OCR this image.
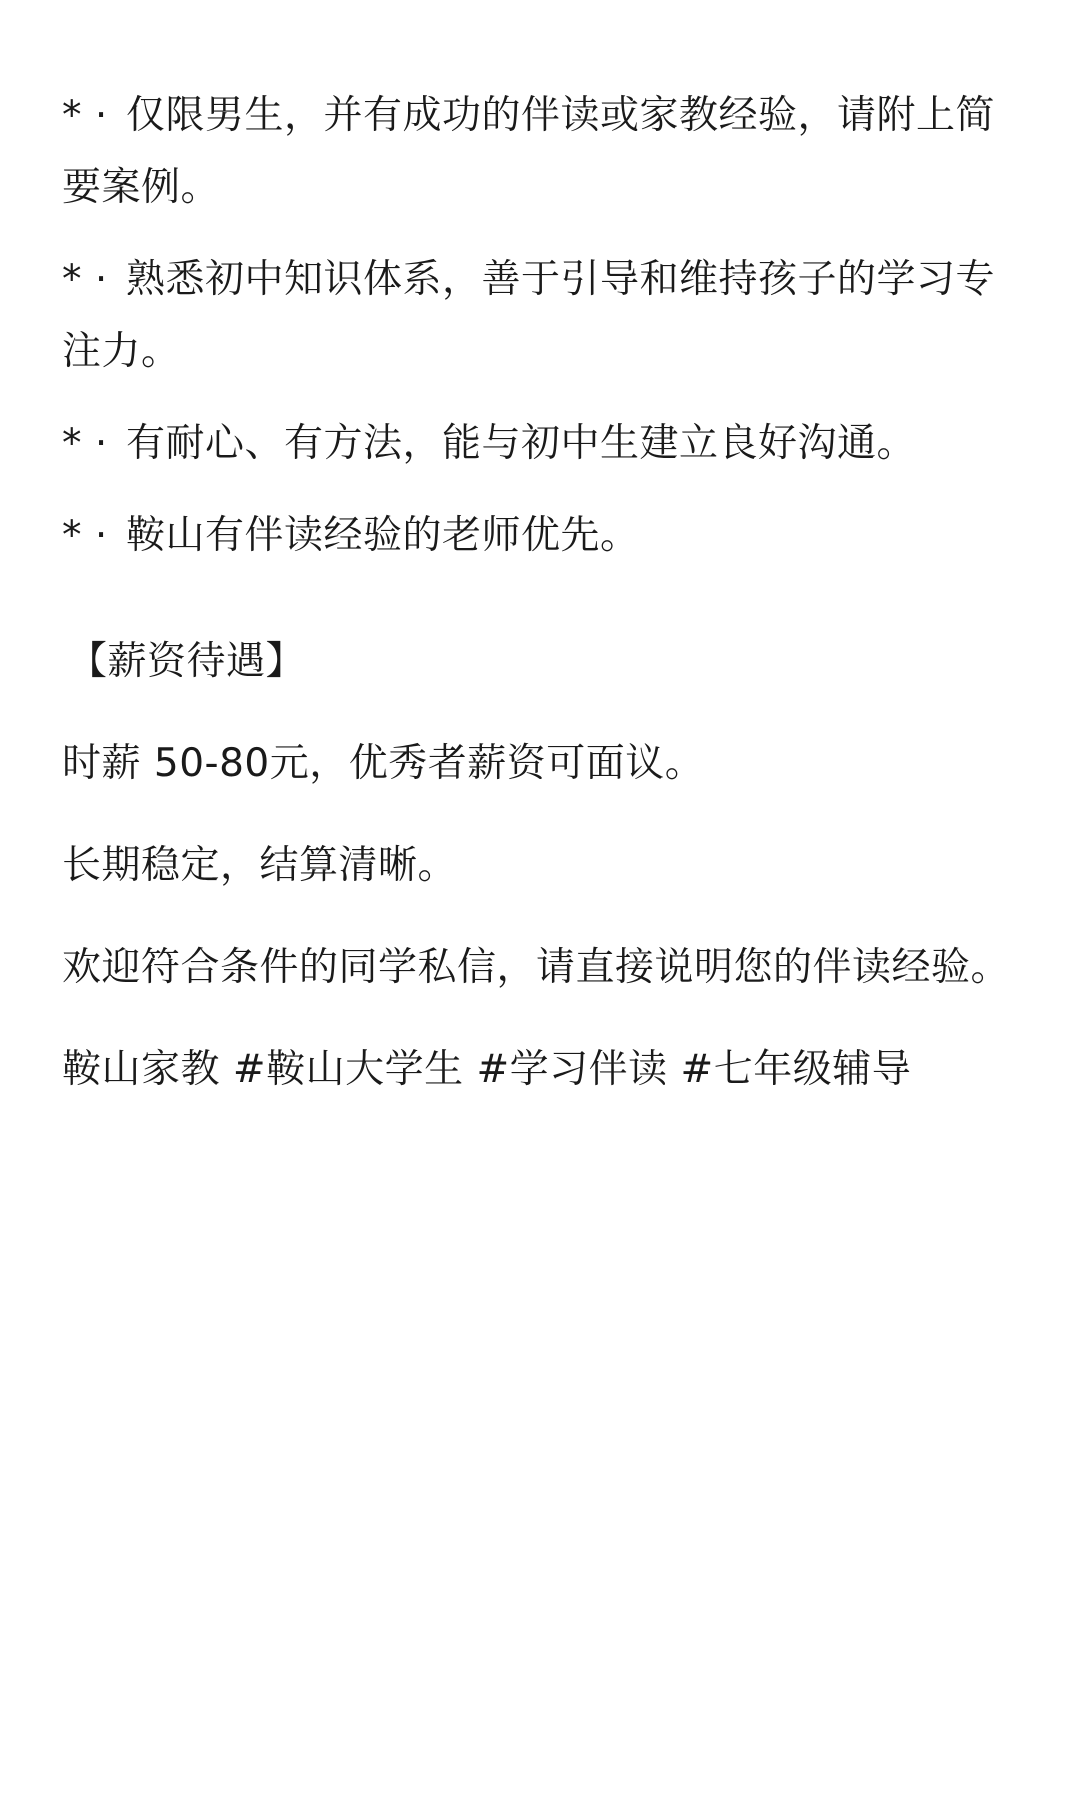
* · 仅限男生，并有成功的伴读或家教经验，请附上简要案例。
* · 熟悉初中知识体系，善于引导和维持孩子的学习专注力。
* · 有耐心、有方法，能与初中生建立良好沟通。
* · 鞍山有伴读经验的老师优先。
【薪资待遇】
时薪 50-80元，优秀者薪资可面议。
长期稳定，结算清晰。
欢迎符合条件的同学私信，请直接说明您的伴读经验。
鞍山家教 #鞍山大学生 #学习伴读 #七年级辅导
